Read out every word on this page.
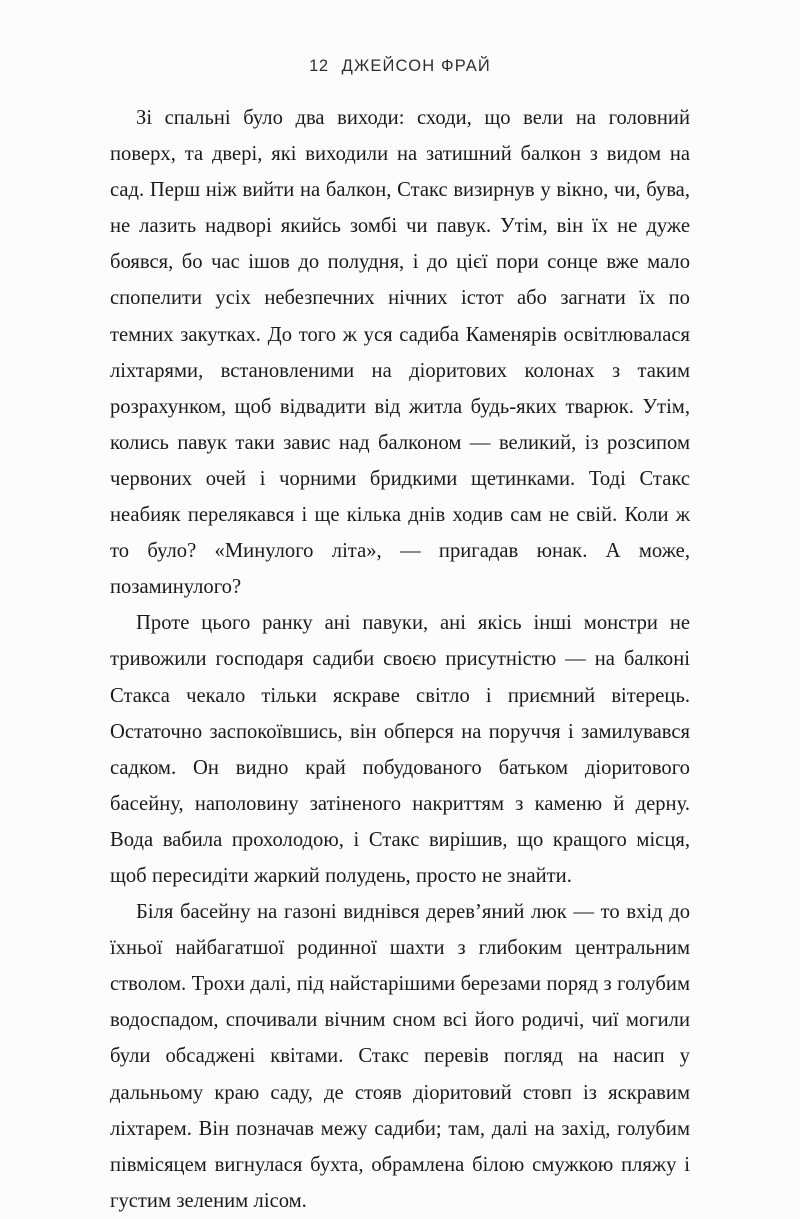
12 ДЖЕЙСОН ФРАЙ

Зі спальні було два виходи: сходи, що вели на головний поверх, та двері, які виходили на затишний балкон з видом на сад. Перш ніж вийти на балкон, Стакс визирнув у вікно, чи, бува, не лазить надворі якийсь зомбі чи павук. Утім, він їх не дуже боявся, бо час ішов до полудня, і до цієї пори сонце вже мало спопелити усіх небезпечних нічних істот або загнати їх по темних закутках. До того ж уся садиба Каменярів освітлювалася ліхтарями, встановленими на діоритових колонах з таким розрахунком, щоб відвадити від житла будь-яких тварюк. Утім, колись павук таки завис над балконом — великий, із розсипом червоних очей і чорними бридкими щетинками. Тоді Стакс неабияк перелякався і ще кілька днів ходив сам не свій. Коли ж то було? «Минулого літа», — пригадав юнак. А може, позаминулого?

Проте цього ранку ані павуки, ані якісь інші монстри не тривожили господаря садиби своєю присутністю — на балконі Стакса чекало тільки яскраве світло і приємний вітерець. Остаточно заспокоївшись, він обперся на поруччя і замилувався садком. Он видно край побудованого батьком діоритового басейну, наполовину затіненого накриттям з каменю й дерну. Вода вабила прохолодою, і Стакс вирішив, що кращого місця, щоб пересидіти жаркий полудень, просто не знайти.

Біля басейну на газоні виднівся дерев’яний люк — то вхід до їхньої найбагатшої родинної шахти з глибоким центральним стволом. Трохи далі, під найстарішими березами поряд з голубим водоспадом, спочивали вічним сном всі його родичі, чиї могили були обсаджені квітами. Стакс перевів погляд на насип у дальньому краю саду, де стояв діоритовий стовп із яскравим ліхтарем. Він позначав межу садиби; там, далі на захід, голубим півмісяцем вигнулася бухта, обрамлена білою смужкою пляжу і густим зеленим лісом.
